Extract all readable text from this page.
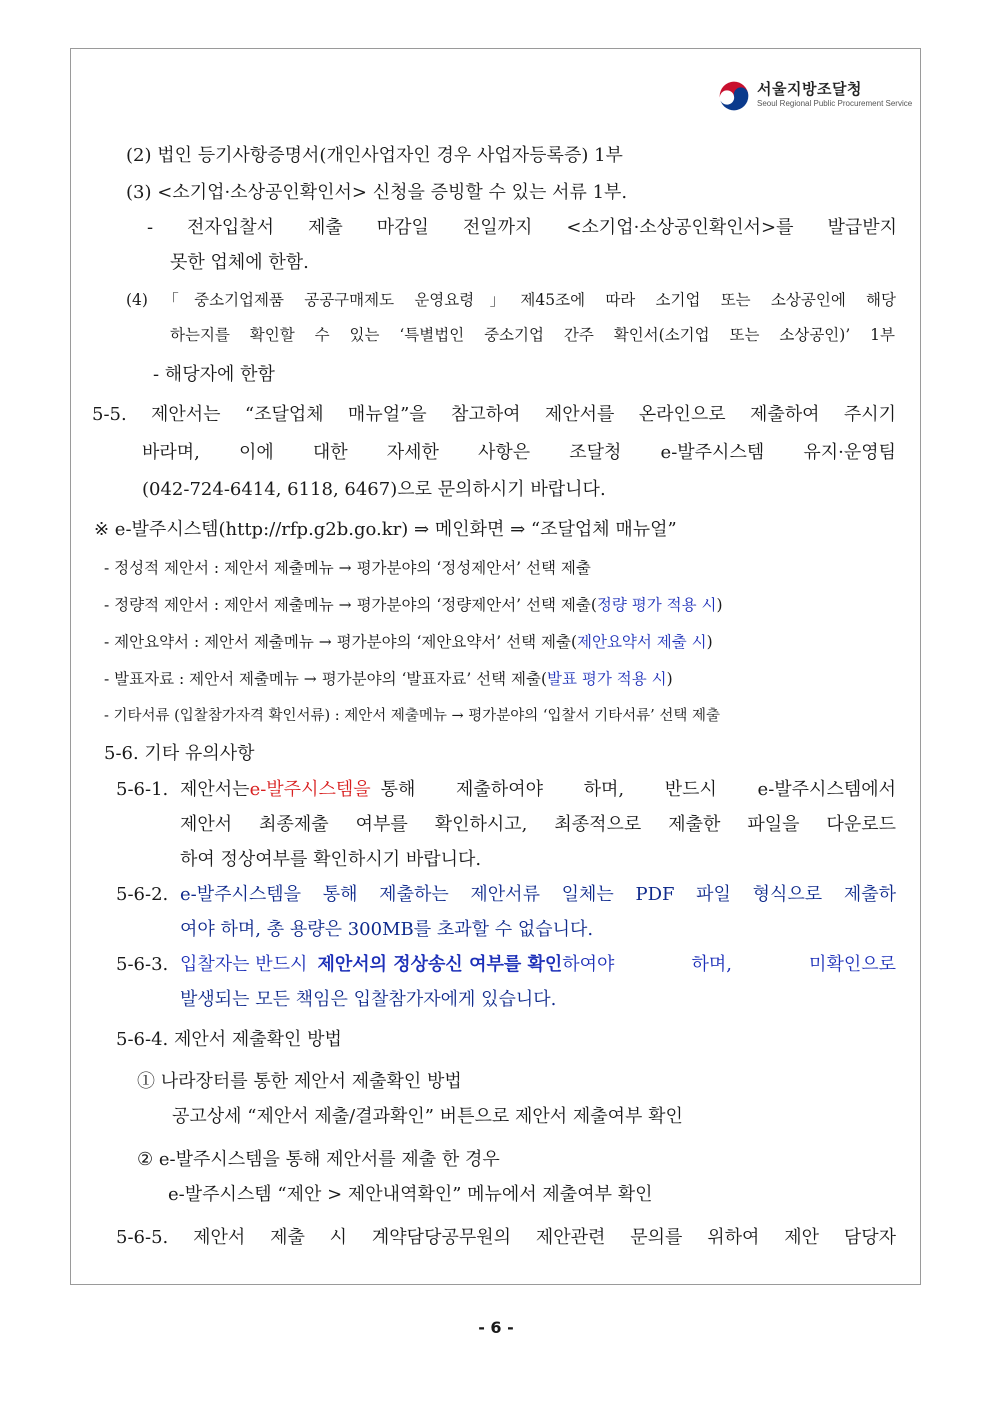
서울지방조달청
Seoul Regional Public Procurement Service
(2) 법인 등기사항증명서(개인사업자인 경우 사업자등록증) 1부
(3) <소기업·소상공인확인서> 신청을 증빙할 수 있는 서류 1부.
- 전자입찰서 제출 마감일 전일까지 <소기업·소상공인확인서>를 발급받지
못한 업체에 한함.
(4)「중소기업제품 공공구매제도 운영요령」제45조에 따라 소기업 또는 소상공인에 해당
하는지를 확인할 수 있는 ‘특별법인 중소기업 간주 확인서(소기업 또는 소상공인)’ 1부
- 해당자에 한함
5-5. 제안서는 “조달업체 매뉴얼”을 참고하여 제안서를 온라인으로 제출하여 주시기
바라며, 이에 대한 자세한 사항은 조달청 e-발주시스템 유지·운영팀
(042-724-6414, 6118, 6467)으로 문의하시기 바랍니다.
※ e-발주시스템(http://rfp.g2b.go.kr) ⇒ 메인화면 ⇒ “조달업체 매뉴얼”
- 정성적 제안서 : 제안서 제출메뉴 → 평가분야의 ‘정성제안서’ 선택 제출
- 정량적 제안서 : 제안서 제출메뉴 → 평가분야의 ‘정량제안서’ 선택 제출(정량 평가 적용 시)
- 제안요약서 : 제안서 제출메뉴 → 평가분야의 ‘제안요약서’ 선택 제출(제안요약서 제출 시)
- 발표자료 : 제안서 제출메뉴 → 평가분야의 ‘발표자료’ 선택 제출(발표 평가 적용 시)
- 기타서류 (입찰참가자격 확인서류) : 제안서 제출메뉴 → 평가분야의 ‘입찰서 기타서류’ 선택 제출
5-6. 기타 유의사항
5-6-1. 제안서는 e-발주시스템을 통해 제출하여야 하며, 반드시 e-발주시스템에서
제안서 최종제출 여부를 확인하시고, 최종적으로 제출한 파일을 다운로드
하여 정상여부를 확인하시기 바랍니다.
5-6-2. e-발주시스템을 통해 제출하는 제안서류 일체는 PDF 파일 형식으로 제출하
여야 하며, 총 용량은 300MB를 초과할 수 없습니다.
5-6-3. 입찰자는 반드시 제안서의 정상송신 여부를 확인 하여야 하며, 미확인으로
발생되는 모든 책임은 입찰참가자에게 있습니다.
5-6-4. 제안서 제출확인 방법
① 나라장터를 통한 제안서 제출확인 방법
공고상세 “제안서 제출/결과확인” 버튼으로 제안서 제출여부 확인
② e-발주시스템을 통해 제안서를 제출 한 경우
e-발주시스템 “제안 > 제안내역확인” 메뉴에서 제출여부 확인
5-6-5. 제안서 제출 시 계약담당공무원의 제안관련 문의를 위하여 제안 담당자
- 6 -
